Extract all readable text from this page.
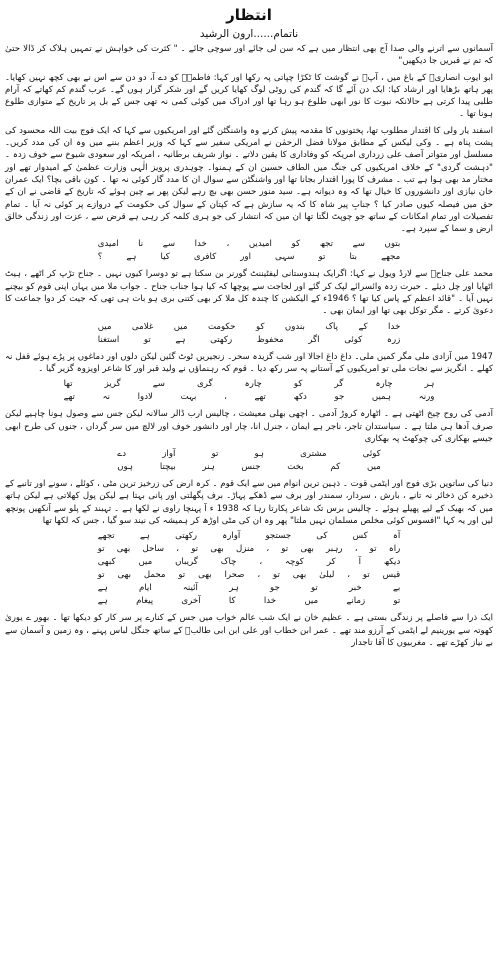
انتظار
ناتمام......ارون الرشید

آسمانوں سے اترنے والی صدا آج بھی انتظار میں ہے کہ سن لی جائے اور سوچی جائے ۔ " کثرت کی خواہش نے تمہیں ہلاک کر ڈالا حتیٰ کہ تم نے قبریں جا دیکھیں"

ابو ایوب انصاریؓ کے باغ میں ، آپؐ نے گوشت کا ٹکڑا چپاتی پہ رکھا اور کہا: فاطمہؓ کو دے آ، دو دن سے اس نے بھی کچھ نہیں کھایا۔ پھر ہاتھ بڑھایا اور ارشاد کیا: ایک دن آئے گا کہ گندم کی روٹی لوگ کھایا کریں گے اور شکر گزار ہوں گے۔ عرب گندم کم کھاتے کہ آرام طلبی پیدا کرتی ہے حالانکہ نبوت کا نور ابھی طلوع ہو رہا تھا اور ادراک میں کوئی کمی نہ تھی جس کے بل پر تاریخ کے متوازی طلوع ہونا تھا ۔

اسفند یار ولی کا اقتدار مطلوب تھا، پختونوں کا مقدمہ پیش کرنے وہ واشنگٹن گئے اور امریکیوں سے کہا کہ ایک فوج بیت اللہ محسود کی پشت پناہ ہے ۔ وکی لیکس کے مطابق مولانا فضل الرحمٰن نے امریکی سفیر سے کہا کہ وزیر اعظم بننے میں وہ ان کی مدد کریں۔ مسلسل اور متواتر آصف علی زرداری امریکہ کو وفاداری کا یقین دلاتے ۔ نواز شریف برطانیہ ، امریکہ اور سعودی شیوخ سے خوف زدہ ۔ "دہشت گردی" کے خلاف امریکیوں کی جنگ میں الطاف حسین ان کے ہمنوا۔ چوہدری پرویز الٰہی وزارت عظمیٰ کے امیدوار تھے اور مختار مد بھی ہوا ہے تب ۔ مشرف کا پورا اقتدار بجانا تھا اور واشنگٹن سے سوال ان کا مدد گار کوئی نہ تھا ۔ کون باقی بچا؟ ایک عمران خان نیازی اور دانشوروں کا خیال تھا کہ وہ دیوانہ ہے۔ سید منور حسن بھی بچ رہے لیکن پھر بے چین ہوئے کہ تاریخ کے قاضی نے ان کے حق میں فیصلہ کیوں صادر کیا ؟ جنابِ پیر شاہ کا کہ یہ سازش ہے کہ کپتان کے سوال کی حکومت کے دروازے پر کوئی نہ آیا ۔ تمام تفصیلات اور تمام امکانات کے ساتھ جو چوپٹ لگتا تھا ان میں کہ انتشار کی جو ہری کلمہ کر رہی ہے قرض سے ، عزت اور زندگی خالق ارض و سما کے سپرد ہے۔

بتوں سے تجھ کو امیدیں ، خدا سے نا امیدی
مجھے بتا تو سہی اور کافری کیا ہے ؟

محمد علی جناحؒ سے لارڈ ویول نے کہا: اگرایک ہندوستانی لیفٹیننٹ گورنر بن سکتا ہے تو دوسرا کیوں نہیں ۔ جناح تڑپ کر اٹھے ، ہیٹ اٹھایا اور چل دیئے ۔ حیرت زدہ وائسرائے لپک کر گئے اور لجاجت سے پوچھا کہ کیا ہوا جناب جناح ۔ جواب ملا میں یہاں اپنی قوم کو بیچنے نہیں آیا ۔ "قائد اعظم کے پاس کیا تھا ؟ 1946ء کے الیکشن کا چندہ کل ملا کر بھی کتنی بری ہو بات ہی تھی کہ جیت کر دوا جماعت کا دعویٰ کرتے ۔ مگر توکل بھی تھا اور ایمان بھی ۔

خدا کے پاک بندوں کو حکومت میں غلامی میں
زرہ کوئی اگر محفوظ رکھتی ہے تو استغنا

1947 میں آزادی ملی مگر کمیں ملی۔ داغ داغ اجالا اور شب گزیدہ سحر۔ زنجیریں ٹوٹ گئیں لیکن دلوں اور دماغوں پر پڑے ہوئے قفل نہ کھلے ۔ انگریز سے نجات ملی تو امریکیوں کے آستانے پہ سر رکھ دیا ۔ قوم کہ رہنماؤں نے ولید قبر اور کا شاعر اویزوہ گزیر گیا ۔

ہر چارہ گر کو چارہ گری سے گریز تھا
ورنہ ہمیں جو دکھ تھے ، بہت لادوا نہ تھے

آدمی کی روح چیخ اٹھتی ہے ۔ اٹھارہ کروڑ آدمی ۔ اچھی بھلی معیشت ، چالیس ارب ڈالر سالانہ لیکن جس سے وصول ہونا چاہیے لیکن صرف آدھا ہی ملتا ہے ۔ سیاستدان تاجر، ناجر ہے ایمان ، جنرل انا، چار اور دانشور خوف اور لالچ میں سر گرداں ، جنوں کی طرح ابھی جیسے بھکاری کی چوکھٹ پہ بھکاری

کوئی مشتری ہو تو آواز دے
میں کم بخت جنس ہنر بیچتا ہوں

دنیا کی ساتویں بڑی فوج اور ایٹمی قوت ۔ ذہین ترین انوام میں سے ایک قوم ۔ کرہ ارض کی زرخیز ترین مٹی ، کوئلے ، سونے اور تانبے کے ذخیرہ کن ذخائر نہ تانے ، بارش ، سردار، سمندر اور برف سے ڈھکے پہاڑ۔ برف پگھلتی اور پانی بہتا ہے لیکن پول کھلاتی ہے لیکن ہاتھ میں کہ بھیک کے لیے پھیلے ہوئے ۔ چالیس برس تک شاعر پکارتا رہا کہ 1938 ء آ پہنچا راوی نے لکھا ہے ۔ تہبند کے پلو سے آنکھیں پونچھ لیں اور یہ کہا "افسوس کوئی مخلص مسلمان نہیں ملتا" پھر وہ ان کی مٹی اوڑھ کر ہمیشہ کی نیند سو گیا ، جس کہ لکھا تھا

آہ کس کی جستجو آوارہ رکھتی ہے تجھے
راہ تو ، رہبر بھی تو ، منزل بھی تو ، ساحل بھی تو
دیکھ آ کر کوچہ ، چاک گریباں میں کبھی
قیس تو ، لیلیٰ بھی تو ، صحرا بھی تو محمل بھی تو
بے خبر تو جو ہر آئینہ ایام ہے
تو زمانے میں خدا کا آخری پیغام ہے

ایک ذرا سے فاصلے پر زندگی بستی ہے ۔ عظیم خان نے ایک شب عالم خواب میں جس کے کنارے پر سر کار کو دیکھا تھا ۔ بھور ے یوریٰ کھوتہ سے یورینیم لے ایٹمی کے آرزو مند تھے ۔ عمر ابن خطاب اور علی ابن ابی طالبؓ کے ساتھ جنگل لباس پہنے ، وہ زمین و آسمان سے بے نیاز کھڑے تھے ۔ مغربیوں کا آقا تاجدار
